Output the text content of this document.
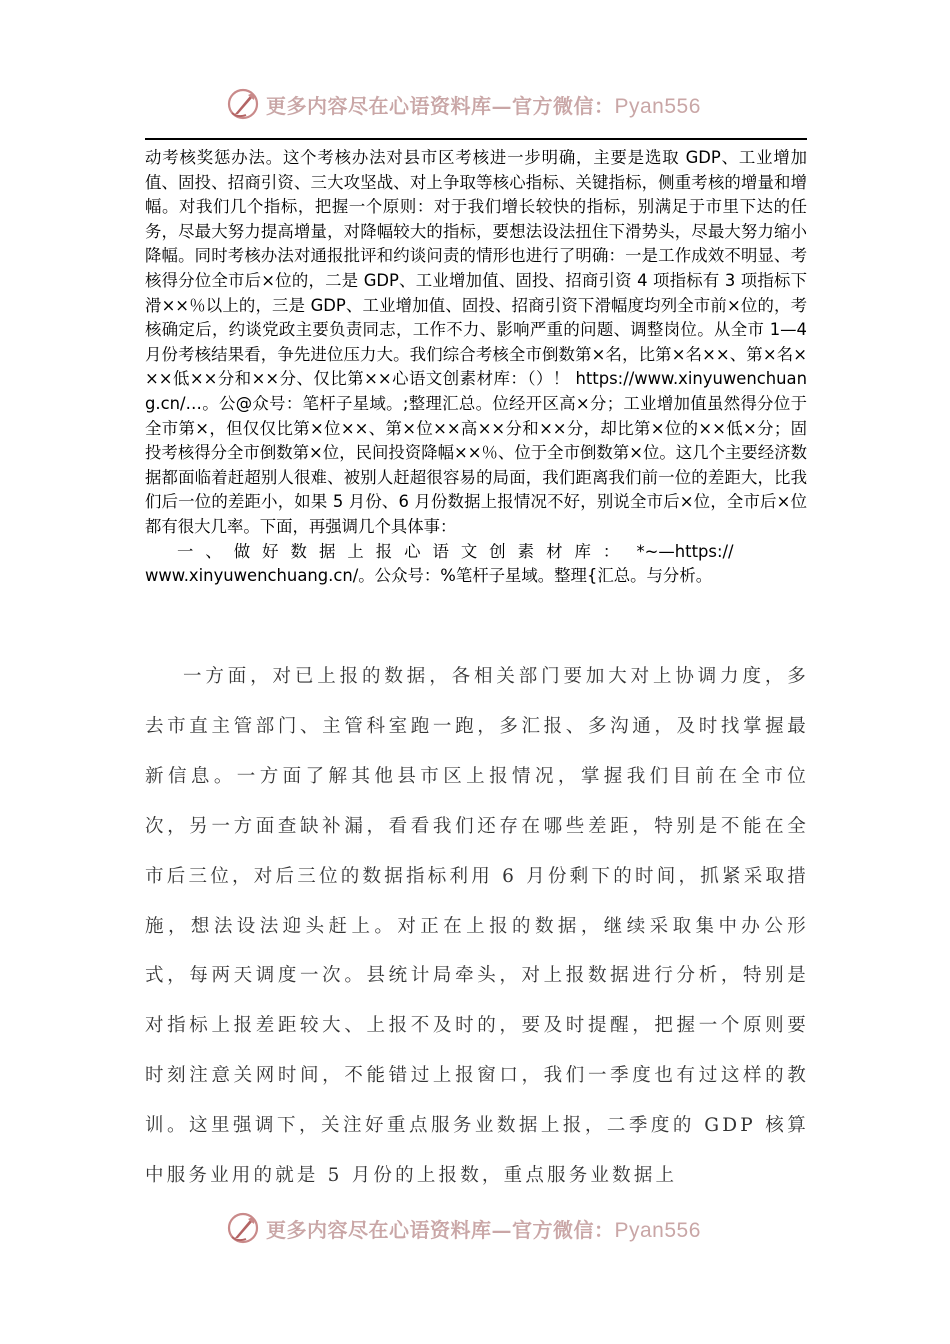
更多内容尽在心语资料库—官方微信：Pyan556
动考核奖惩办法。这个考核办法对县市区考核进一步明确，主要是选取 GDP、工业增加值、固投、招商引资、三大攻坚战、对上争取等核心指标、关键指标，侧重考核的增量和增幅。对我们几个指标，把握一个原则：对于我们增长较快的指标，别满足于市里下达的任务，尽最大努力提高增量，对降幅较大的指标，要想法设法扭住下滑势头，尽最大努力缩小降幅。同时考核办法对通报批评和约谈问责的情形也进行了明确：一是工作成效不明显、考核得分位全市后×位的，二是 GDP、工业增加值、固投、招商引资 4 项指标有 3 项指标下滑××％以上的，三是 GDP、工业增加值、固投、招商引资下滑幅度均列全市前×位的，考核确定后，约谈党政主要负责同志，工作不力、影响严重的问题、调整岗位。从全市 1—4 月份考核结果看，争先进位压力大。我们综合考核全市倒数第×名，比第×名××、第×名×××低××分和××分、仅比第××心语文创素材库：（）！ https://www.xinyuwenchuang.cn/…。公@众号：笔杆子星域。;整理汇总。位经开区高×分；工业增加值虽然得分位于全市第×，但仅仅比第×位××、第×位××高××分和××分，却比第×位的××低×分；固投考核得分全市倒数第×位，民间投资降幅××％、位于全市倒数第×位。这几个主要经济数据都面临着赶超别人很难、被别人赶超很容易的局面，我们距离我们前一位的差距大，比我们后一位的差距小，如果 5 月份、6 月份数据上报情况不好，别说全市后×位，全市后×位都有很大几率。下面，再强调几个具体事：
一、做好数据上报心语文创素材库： *~—https://
www.xinyuwenchuang.cn/。公众号：%笔杆子星域。整理{汇总。与分析。

一方面，对已上报的数据，各相关部门要加大对上协调力度，多去市直主管部门、主管科室跑一跑，多汇报、多沟通，及时找掌握最新信息。一方面了解其他县市区上报情况，掌握我们目前在全市位次，另一方面查缺补漏，看看我们还存在哪些差距，特别是不能在全市后三位，对后三位的数据指标利用 6 月份剩下的时间，抓紧采取措施，想法设法迎头赶上。对正在上报的数据，继续采取集中办公形式，每两天调度一次。县统计局牵头，对上报数据进行分析，特别是对指标上报差距较大、上报不及时的，要及时提醒，把握一个原则要时刻注意关网时间，不能错过上报窗口，我们一季度也有过这样的教训。这里强调下，关注好重点服务业数据上报，二季度的 GDP 核算中服务业用的就是 5 月份的上报数，重点服务业数据上

更多内容尽在心语资料库—官方微信：Pyan556
